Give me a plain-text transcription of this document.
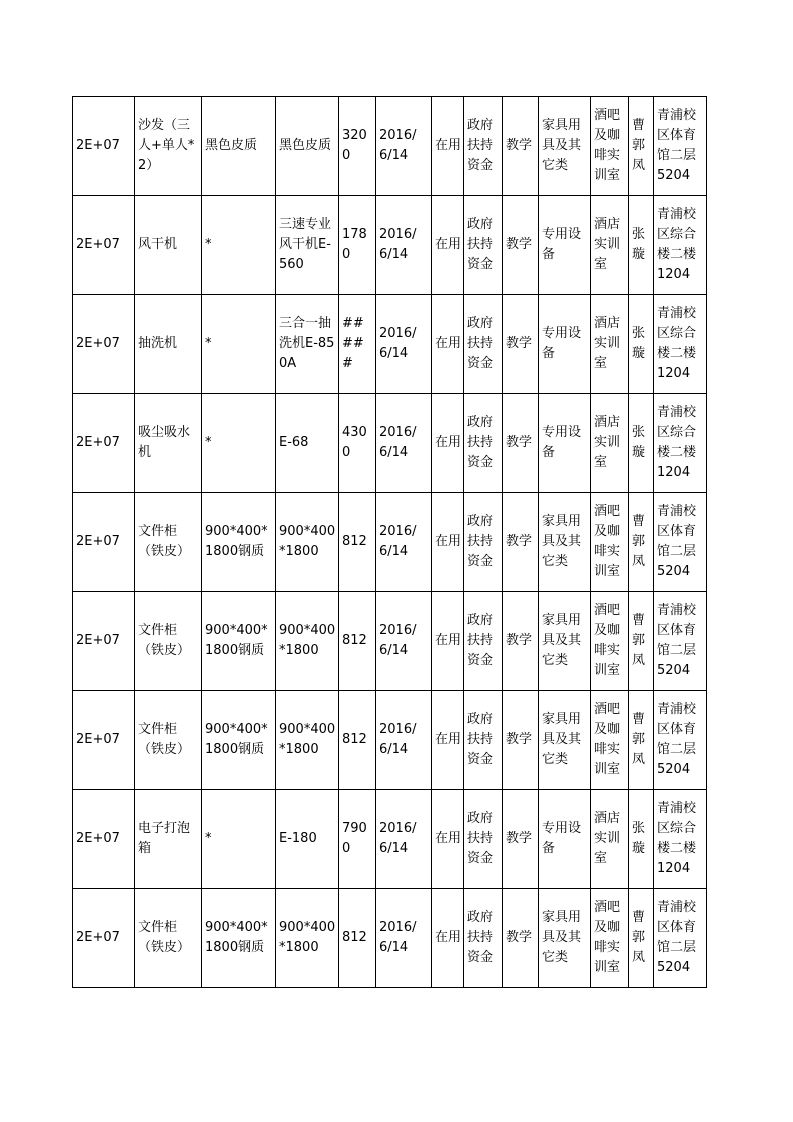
2E+07	沙发（三人+单人*2）	黑色皮质	黑色皮质	3200	2016/6/14	在用	政府扶持资金	教学	家具用具及其它类	酒吧及咖啡实训室	曹郭凤	青浦校区体育馆二层5204
2E+07	风干机	*	三速专业风干机E-560	1780	2016/6/14	在用	政府扶持资金	教学	专用设备	酒店实训室	张璇	青浦校区综合楼二楼1204
2E+07	抽洗机	*	三合一抽洗机E-850A	#####	2016/6/14	在用	政府扶持资金	教学	专用设备	酒店实训室	张璇	青浦校区综合楼二楼1204
2E+07	吸尘吸水机	*	E-68	4300	2016/6/14	在用	政府扶持资金	教学	专用设备	酒店实训室	张璇	青浦校区综合楼二楼1204
2E+07	文件柜（铁皮）	900*400*1800钢质	900*400*1800	812	2016/6/14	在用	政府扶持资金	教学	家具用具及其它类	酒吧及咖啡实训室	曹郭凤	青浦校区体育馆二层5204
2E+07	文件柜（铁皮）	900*400*1800钢质	900*400*1800	812	2016/6/14	在用	政府扶持资金	教学	家具用具及其它类	酒吧及咖啡实训室	曹郭凤	青浦校区体育馆二层5204
2E+07	文件柜（铁皮）	900*400*1800钢质	900*400*1800	812	2016/6/14	在用	政府扶持资金	教学	家具用具及其它类	酒吧及咖啡实训室	曹郭凤	青浦校区体育馆二层5204
2E+07	电子打泡箱	*	E-180	7900	2016/6/14	在用	政府扶持资金	教学	专用设备	酒店实训室	张璇	青浦校区综合楼二楼1204
2E+07	文件柜（铁皮）	900*400*1800钢质	900*400*1800	812	2016/6/14	在用	政府扶持资金	教学	家具用具及其它类	酒吧及咖啡实训室	曹郭凤	青浦校区体育馆二层5204
